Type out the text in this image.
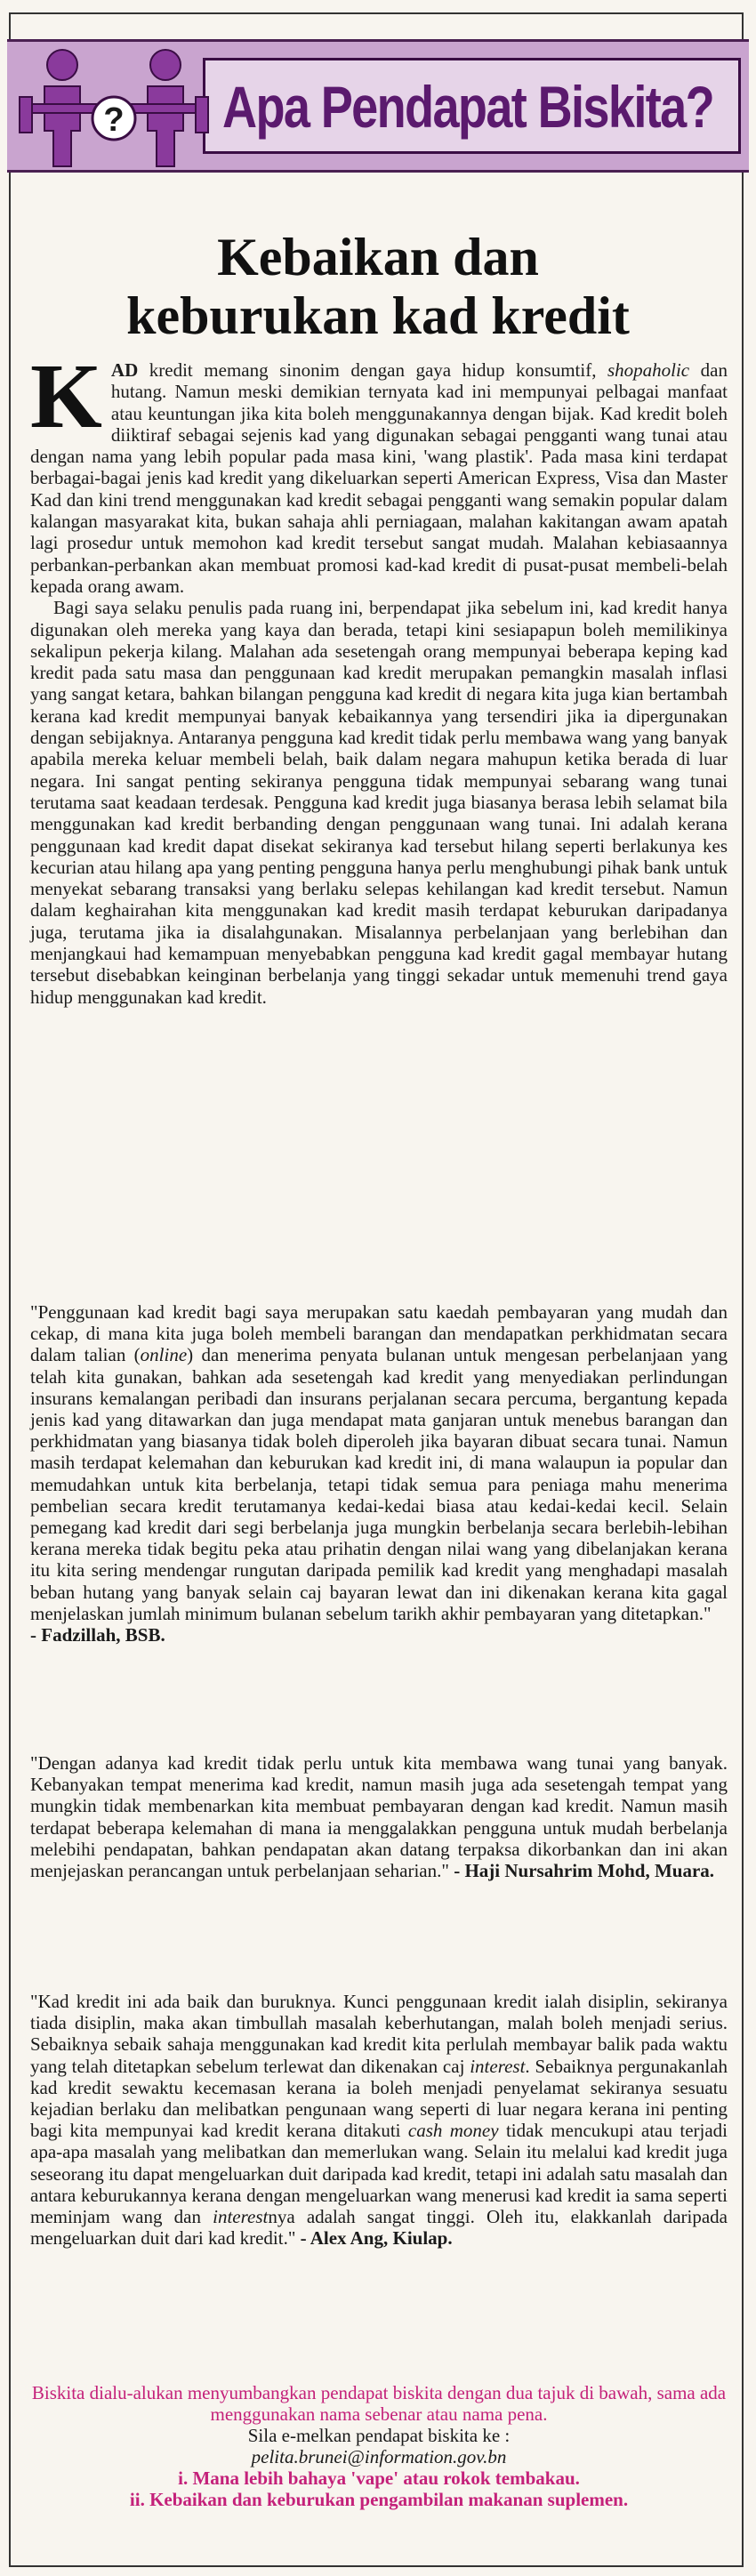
? Apa Pendapat Biskita?
Kebaikan dan
keburukan kad kredit

KAD kredit memang sinonim dengan gaya hidup konsumtif, shopaholic dan hutang. Namun meski demikian ternyata kad ini mempunyai pelbagai manfaat atau keuntungan jika kita boleh menggunakannya dengan bijak. Kad kredit boleh diiktiraf sebagai sejenis kad yang digunakan sebagai pengganti wang tunai atau dengan nama yang lebih popular pada masa kini, 'wang plastik'. Pada masa kini terdapat berbagai-bagai jenis kad kredit yang dikeluarkan seperti American Express, Visa dan Master Kad dan kini trend menggunakan kad kredit sebagai pengganti wang semakin popular dalam kalangan masyarakat kita, bukan sahaja ahli perniagaan, malahan kakitangan awam apatah lagi prosedur untuk memohon kad kredit tersebut sangat mudah. Malahan kebiasaannya perbankan-perbankan akan membuat promosi kad-kad kredit di pusat-pusat membeli-belah kepada orang awam.

Bagi saya selaku penulis pada ruang ini, berpendapat jika sebelum ini, kad kredit hanya digunakan oleh mereka yang kaya dan berada, tetapi kini sesiapapun boleh memilikinya sekalipun pekerja kilang. Malahan ada sesetengah orang mempunyai beberapa keping kad kredit pada satu masa dan penggunaan kad kredit merupakan pemangkin masalah inflasi yang sangat ketara, bahkan bilangan pengguna kad kredit di negara kita juga kian bertambah kerana kad kredit mempunyai banyak kebaikannya yang tersendiri jika ia dipergunakan dengan sebijaknya. Antaranya pengguna kad kredit tidak perlu membawa wang yang banyak apabila mereka keluar membeli belah, baik dalam negara mahupun ketika berada di luar negara. Ini sangat penting sekiranya pengguna tidak mempunyai sebarang wang tunai terutama saat keadaan terdesak. Pengguna kad kredit juga biasanya berasa lebih selamat bila menggunakan kad kredit berbanding dengan penggunaan wang tunai. Ini adalah kerana penggunaan kad kredit dapat disekat sekiranya kad tersebut hilang seperti berlakunya kes kecurian atau hilang apa yang penting pengguna hanya perlu menghubungi pihak bank untuk menyekat sebarang transaksi yang berlaku selepas kehilangan kad kredit tersebut. Namun dalam keghairahan kita menggunakan kad kredit masih terdapat keburukan daripadanya juga, terutama jika ia disalahgunakan. Misalannya perbelanjaan yang berlebihan dan menjangkaui had kemampuan menyebabkan pengguna kad kredit gagal membayar hutang tersebut disebabkan keinginan berbelanja yang tinggi sekadar untuk memenuhi trend gaya hidup menggunakan kad kredit.

"Penggunaan kad kredit bagi saya merupakan satu kaedah pembayaran yang mudah dan cekap, di mana kita juga boleh membeli barangan dan mendapatkan perkhidmatan secara dalam talian (online) dan menerima penyata bulanan untuk mengesan perbelanjaan yang telah kita gunakan, bahkan ada sesetengah kad kredit yang menyediakan perlindungan insurans kemalangan peribadi dan insurans perjalanan secara percuma, bergantung kepada jenis kad yang ditawarkan dan juga mendapat mata ganjaran untuk menebus barangan dan perkhidmatan yang biasanya tidak boleh diperoleh jika bayaran dibuat secara tunai. Namun masih terdapat kelemahan dan keburukan kad kredit ini, di mana walaupun ia popular dan memudahkan untuk kita berbelanja, tetapi tidak semua para peniaga mahu menerima pembelian secara kredit terutamanya kedai-kedai biasa atau kedai-kedai kecil. Selain pemegang kad kredit dari segi berbelanja juga mungkin berbelanja secara berlebih-lebihan kerana mereka tidak begitu peka atau prihatin dengan nilai wang yang dibelanjakan kerana itu kita sering mendengar rungutan daripada pemilik kad kredit yang menghadapi masalah beban hutang yang banyak selain caj bayaran lewat dan ini dikenakan kerana kita gagal menjelaskan jumlah minimum bulanan sebelum tarikh akhir pembayaran yang ditetapkan."
- Fadzillah, BSB.

"Dengan adanya kad kredit tidak perlu untuk kita membawa wang tunai yang banyak. Kebanyakan tempat menerima kad kredit, namun masih juga ada sesetengah tempat yang mungkin tidak membenarkan kita membuat pembayaran dengan kad kredit. Namun masih terdapat beberapa kelemahan di mana ia menggalakkan pengguna untuk mudah berbelanja melebihi pendapatan, bahkan pendapatan akan datang terpaksa dikorbankan dan ini akan menjejaskan perancangan untuk perbelanjaan seharian." - Haji Nursahrim Mohd, Muara.

"Kad kredit ini ada baik dan buruknya. Kunci penggunaan kredit ialah disiplin, sekiranya tiada disiplin, maka akan timbullah masalah keberhutangan, malah boleh menjadi serius. Sebaiknya sebaik sahaja menggunakan kad kredit kita perlulah membayar balik pada waktu yang telah ditetapkan sebelum terlewat dan dikenakan caj interest. Sebaiknya pergunakanlah kad kredit sewaktu kecemasan kerana ia boleh menjadi penyelamat sekiranya sesuatu kejadian berlaku dan melibatkan pengunaan wang seperti di luar negara kerana ini penting bagi kita mempunyai kad kredit kerana ditakuti cash money tidak mencukupi atau terjadi apa-apa masalah yang melibatkan dan memerlukan wang. Selain itu melalui kad kredit juga seseorang itu dapat mengeluarkan duit daripada kad kredit, tetapi ini adalah satu masalah dan antara keburukannya kerana dengan mengeluarkan wang menerusi kad kredit ia sama seperti meminjam wang dan interestnya adalah sangat tinggi. Oleh itu, elakkanlah daripada mengeluarkan duit dari kad kredit." - Alex Ang, Kiulap.

Biskita dialu-alukan menyumbangkan pendapat biskita dengan dua tajuk di bawah, sama ada menggunakan nama sebenar atau nama pena.
Sila e-melkan pendapat biskita ke :
pelita.brunei@information.gov.bn
i. Mana lebih bahaya 'vape' atau rokok tembakau.
ii. Kebaikan dan keburukan pengambilan makanan suplemen.
